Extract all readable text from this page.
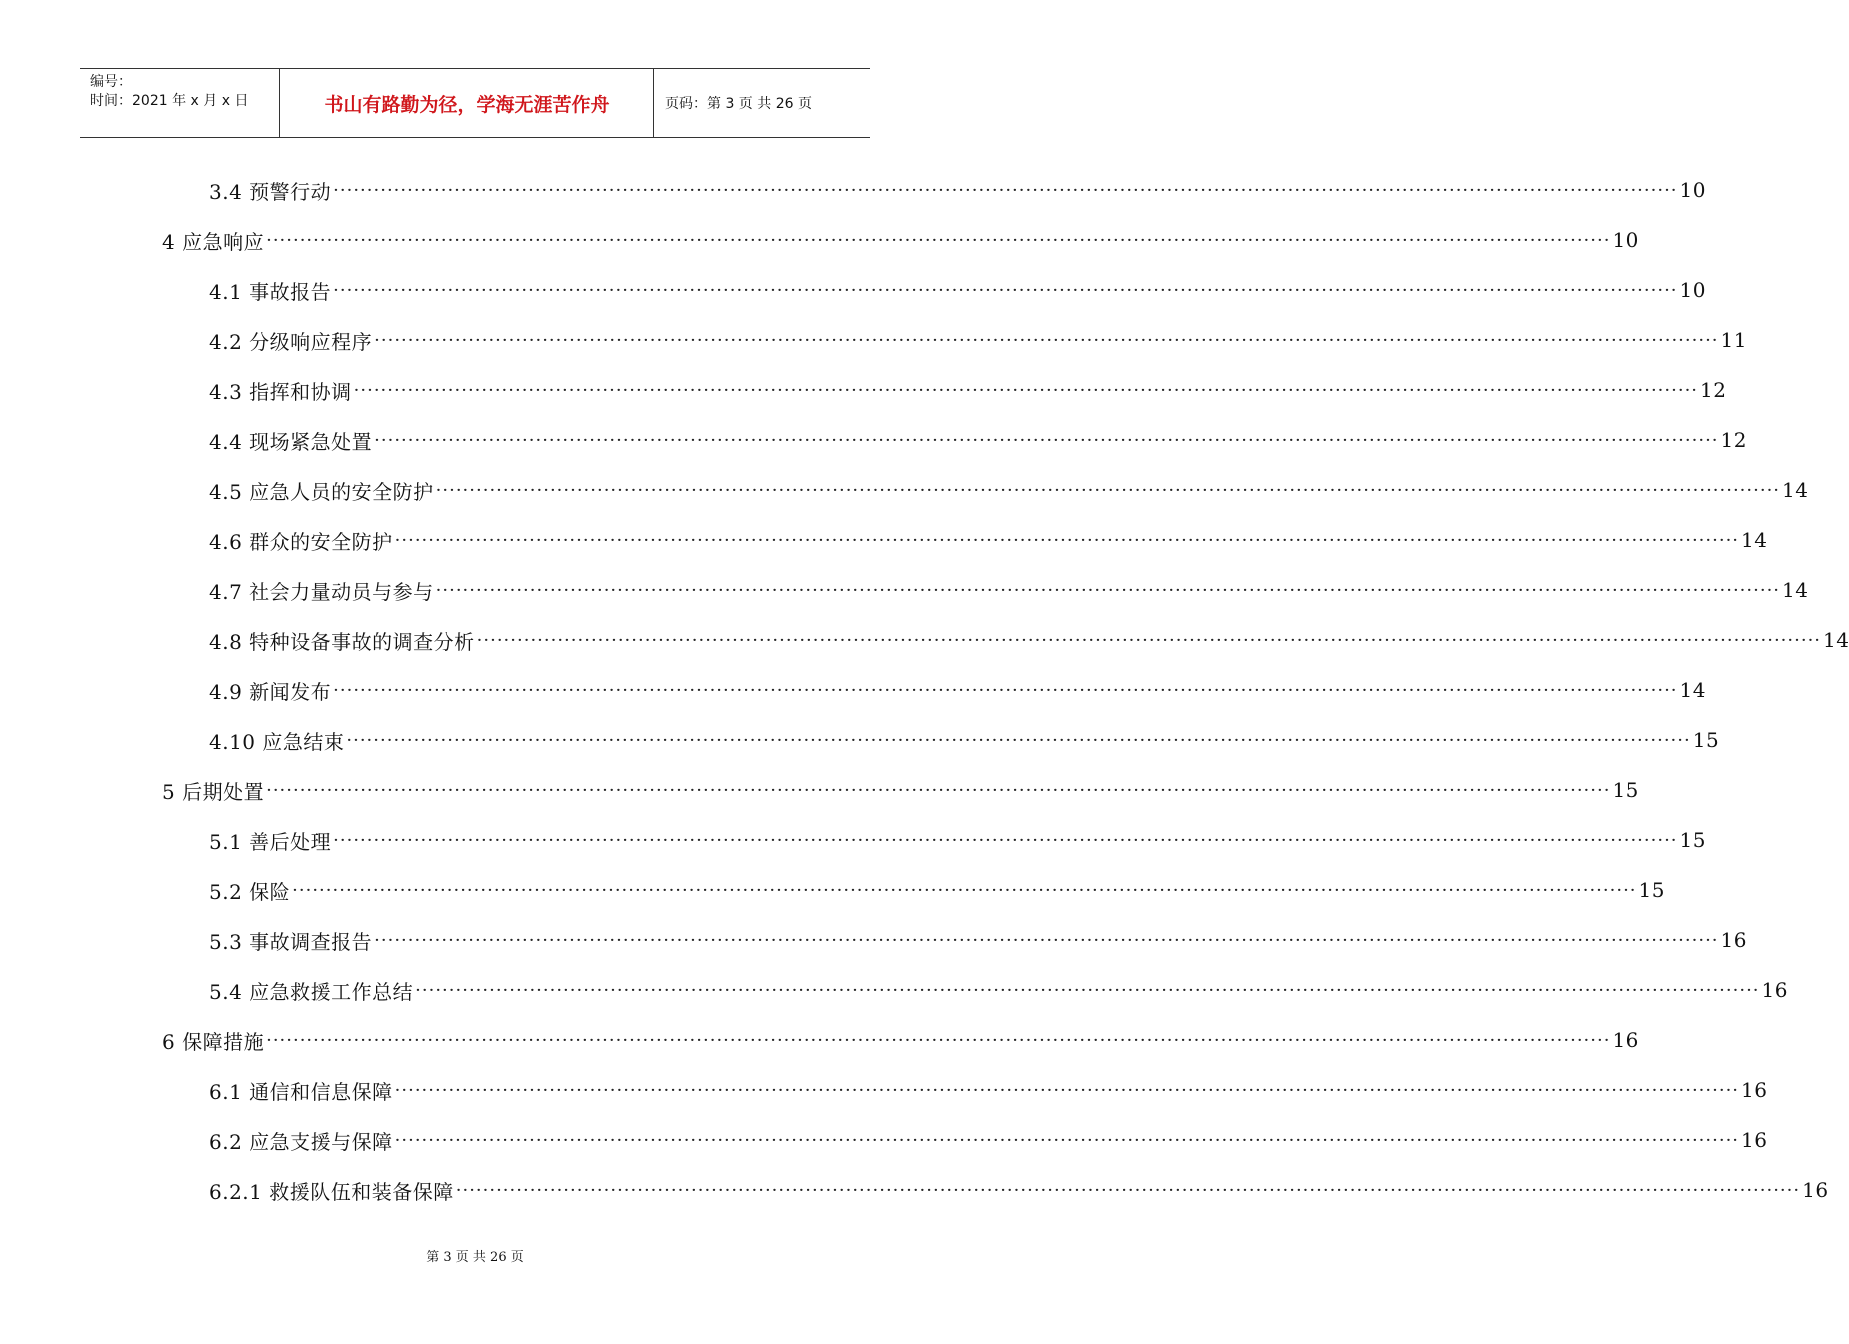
编号：
时间：2021 年 x 月 x 日	书山有路勤为径，学海无涯苦作舟	页码：第 3 页 共 26 页
3.4 预警行动 ········································································································································································································ 10
4 应急响应 ········································································································································································································ 10
4.1 事故报告 ········································································································································································································ 10
4.2 分级响应程序 ········································································································································································································ 11
4.3 指挥和协调 ········································································································································································································ 12
4.4 现场紧急处置 ········································································································································································································ 12
4.5 应急人员的安全防护 ········································································································································································································ 14
4.6 群众的安全防护 ········································································································································································································ 14
4.7 社会力量动员与参与 ········································································································································································································ 14
4.8 特种设备事故的调查分析 ········································································································································································································ 14
4.9 新闻发布 ········································································································································································································ 14
4.10 应急结束 ········································································································································································································ 15
5 后期处置 ········································································································································································································ 15
5.1 善后处理 ········································································································································································································ 15
5.2 保险 ········································································································································································································ 15
5.3 事故调查报告 ········································································································································································································ 16
5.4 应急救援工作总结 ········································································································································································································ 16
6 保障措施 ········································································································································································································ 16
6.1 通信和信息保障 ········································································································································································································ 16
6.2 应急支援与保障 ········································································································································································································ 16
6.2.1 救援队伍和装备保障 ········································································································································································································ 16
第 3 页 共 26 页
